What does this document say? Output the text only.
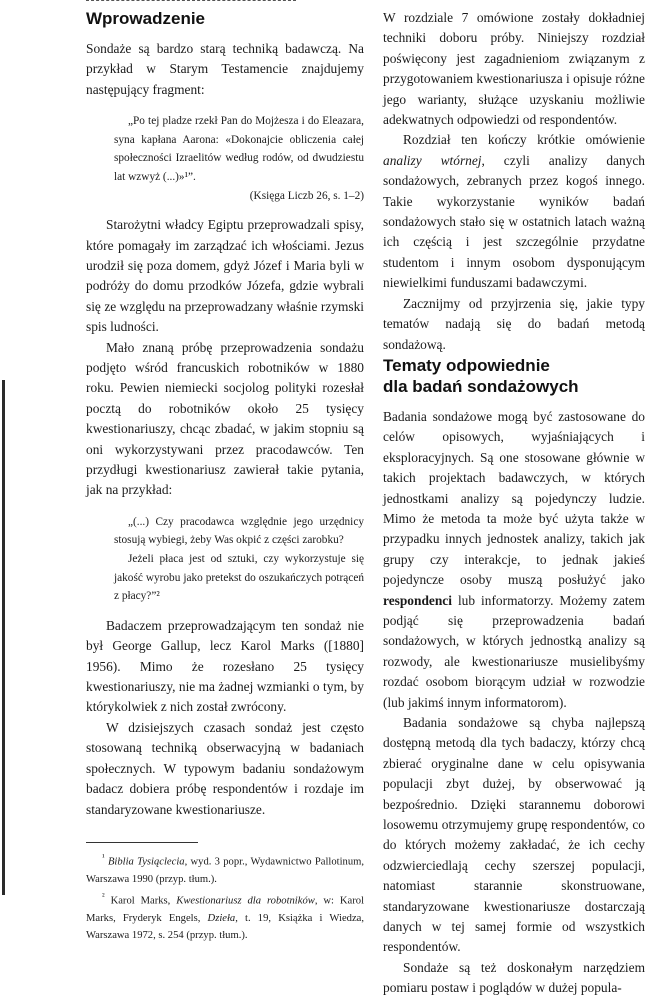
Wprowadzenie

Sondaże są bardzo starą techniką badawczą. Na przykład w Starym Testamencie znajdujemy następujący fragment:

„Po tej pladze rzekł Pan do Mojżesza i do Eleazara, syna kapłana Aarona: «Dokonajcie obliczenia całej społeczności Izraelitów według rodów, od dwudziestu lat wzwyż (...)»¹”.

(Księga Liczb 26, s. 1–2)

Starożytni władcy Egiptu przeprowadzali spisy, które pomagały im zarządzać ich włościami. Jezus urodził się poza domem, gdyż Józef i Maria byli w podróży do domu przodków Józefa, gdzie wybrali się ze względu na przeprowadzany właśnie rzymski spis ludności.

Mało znaną próbę przeprowadzenia sondażu podjęto wśród francuskich robotników w 1880 roku. Pewien niemiecki socjolog polityki rozesłał pocztą do robotników około 25 tysięcy kwestionariuszy, chcąc zbadać, w jakim stopniu są oni wykorzystywani przez pracodawców. Ten przydługi kwestionariusz zawierał takie pytania, jak na przykład:

„(...) Czy pracodawca względnie jego urzędnicy stosują wybiegi, żeby Was okpić z części zarobku?

Jeżeli płaca jest od sztuki, czy wykorzystuje się jakość wyrobu jako pretekst do oszukańczych potrąceń z płacy?”²

Badaczem przeprowadzającym ten sondaż nie był George Gallup, lecz Karol Marks ([1880] 1956). Mimo że rozesłano 25 tysięcy kwestionariuszy, nie ma żadnej wzmianki o tym, by którykolwiek z nich został zwrócony.

W dzisiejszych czasach sondaż jest często stosowaną techniką obserwacyjną w badaniach społecznych. W typowym badaniu sondażowym badacz dobiera próbę respondentów i rozdaje im standaryzowane kwestionariusze.

$^{^1}$ Biblia Tysiąclecia, wyd. 3 popr., Wydawnictwo Pallotinum, Warszawa 1990 (przyp. tłum.).

$^{^2}$ Karol Marks, Kwestionariusz dla robotników, w: Karol Marks, Fryderyk Engels, Dzieła, t. 19, Książka i Wiedza, Warszawa 1972, s. 254 (przyp. tłum.).

W rozdziale 7 omówione zostały dokładniej techniki doboru próby. Niniejszy rozdział poświęcony jest zagadnieniom związanym z przygotowaniem kwestionariusza i opisuje różne jego warianty, służące uzyskaniu możliwie adekwatnych odpowiedzi od respondentów.

Rozdział ten kończy krótkie omówienie analizy wtórnej, czyli analizy danych sondażowych, zebranych przez kogoś innego. Takie wykorzystanie wyników badań sondażowych stało się w ostatnich latach ważną ich częścią i jest szczególnie przydatne studentom i innym osobom dysponującym niewielkimi funduszami badawczymi.

Zacznijmy od przyjrzenia się, jakie typy tematów nadają się do badań metodą sondażową.

Tematy odpowiednie
dla badań sondażowych

Badania sondażowe mogą być zastosowane do celów opisowych, wyjaśniających i eksploracyjnych. Są one stosowane głównie w takich projektach badawczych, w których jednostkami analizy są pojedynczy ludzie. Mimo że metoda ta może być użyta także w przypadku innych jednostek analizy, takich jak grupy czy interakcje, to jednak jakieś pojedyncze osoby muszą posłużyć jako respondenci lub informatorzy. Możemy zatem podjąć się przeprowadzenia badań sondażowych, w których jednostką analizy są rozwody, ale kwestionariusze musielibyśmy rozdać osobom biorącym udział w rozwodzie (lub jakimś innym informatorom).

Badania sondażowe są chyba najlepszą dostępną metodą dla tych badaczy, którzy chcą zbierać oryginalne dane w celu opisywania populacji zbyt dużej, by obserwować ją bezpośrednio. Dzięki starannemu doborowi losowemu otrzymujemy grupę respondentów, co do których możemy zakładać, że ich cechy odzwierciedlają cechy szerszej populacji, natomiast starannie skonstruowane, standaryzowane kwestionariusze dostarczają danych w tej samej formie od wszystkich respondentów.

Sondaże są też doskonałym narzędziem pomiaru postaw i poglądów w dużej popula-
